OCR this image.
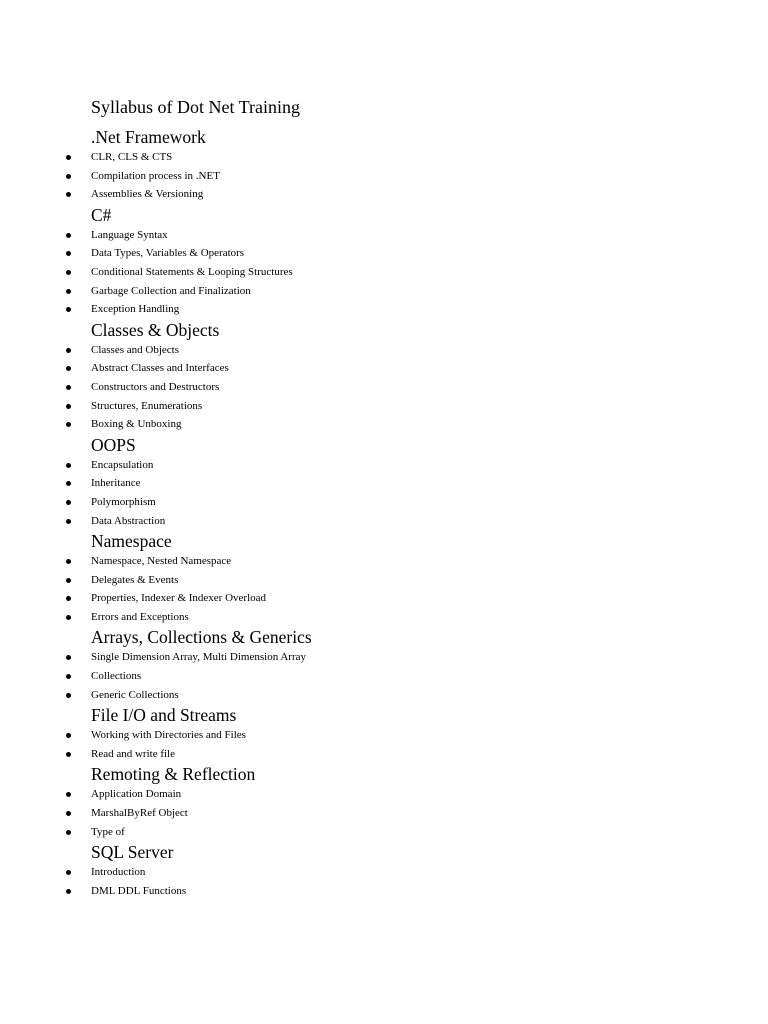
Syllabus of Dot Net Training
.Net Framework
CLR, CLS & CTS
Compilation process in .NET
Assemblies & Versioning
C#
Language Syntax
Data Types, Variables & Operators
Conditional Statements & Looping Structures
Garbage Collection and Finalization
Exception Handling
Classes & Objects
Classes and Objects
Abstract Classes and Interfaces
Constructors and Destructors
Structures, Enumerations
Boxing & Unboxing
OOPS
Encapsulation
Inheritance
Polymorphism
Data Abstraction
Namespace
Namespace, Nested Namespace
Delegates & Events
Properties, Indexer & Indexer Overload
Errors and Exceptions
Arrays, Collections & Generics
Single Dimension Array, Multi Dimension Array
Collections
Generic Collections
File I/O and Streams
Working with Directories and Files
Read and write file
Remoting & Reflection
Application Domain
MarshalByRef Object
Type of
SQL Server
Introduction
DML DDL Functions
